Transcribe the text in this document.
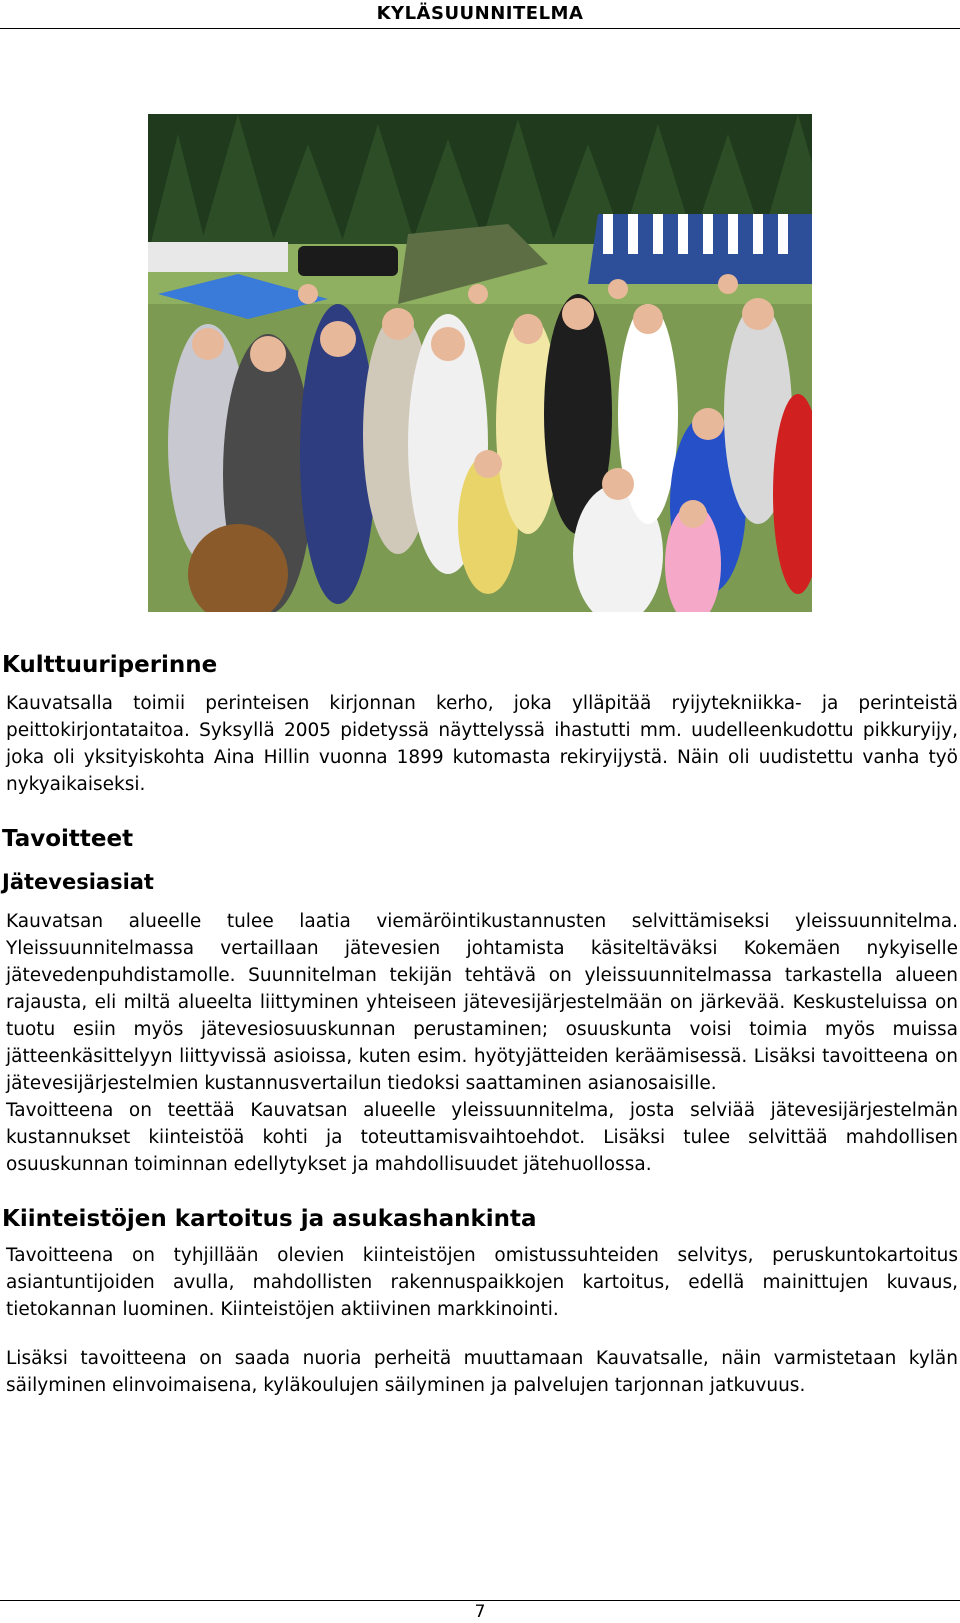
KYLÄSUUNNITELMA
Kulttuuriperinne

Kauvatsalla toimii perinteisen kirjonnan kerho, joka ylläpitää ryijytekniikka- ja perinteistä peittokirjontataitoa. Syksyllä 2005 pidetyssä näyttelyssä ihastutti mm. uudelleenkudottu pikkuryijy, joka oli yksityiskohta Aina Hillin vuonna 1899 kutomasta rekiryijystä. Näin oli uudistettu vanha työ nykyaikaiseksi.

Tavoitteet
Jätevesiasiat

Kauvatsan alueelle tulee laatia viemäröintikustannusten selvittämiseksi yleissuunnitelma. Yleissuunnitelmassa vertaillaan jätevesien johtamista käsiteltäväksi Kokemäen nykyiselle jätevedenpuhdistamolle. Suunnitelman tekijän tehtävä on yleissuunnitelmassa tarkastella alueen rajausta, eli miltä alueelta liittyminen yhteiseen jätevesijärjestelmään on järkevää. Keskusteluissa on tuotu esiin myös jätevesiosuuskunnan perustaminen; osuuskunta voisi toimia myös muissa jätteenkäsittelyyn liittyvissä asioissa, kuten esim. hyötyjätteiden keräämisessä. Lisäksi tavoitteena on jätevesijärjestelmien kustannusvertailun tiedoksi saattaminen asianosaisille.

Tavoitteena on teettää Kauvatsan alueelle yleissuunnitelma, josta selviää jätevesijärjestelmän kustannukset kiinteistöä kohti ja toteuttamisvaihtoehdot. Lisäksi tulee selvittää mahdollisen osuuskunnan toiminnan edellytykset ja mahdollisuudet jätehuollossa.

Kiinteistöjen kartoitus ja asukashankinta

Tavoitteena on tyhjillään olevien kiinteistöjen omistussuhteiden selvitys, peruskuntokartoitus asiantuntijoiden avulla, mahdollisten rakennuspaikkojen kartoitus, edellä mainittujen kuvaus, tietokannan luominen. Kiinteistöjen aktiivinen markkinointi.

Lisäksi tavoitteena on saada nuoria perheitä muuttamaan Kauvatsalle, näin varmistetaan kylän säilyminen elinvoimaisena, kyläkoulujen säilyminen ja palvelujen tarjonnan jatkuvuus.

7
